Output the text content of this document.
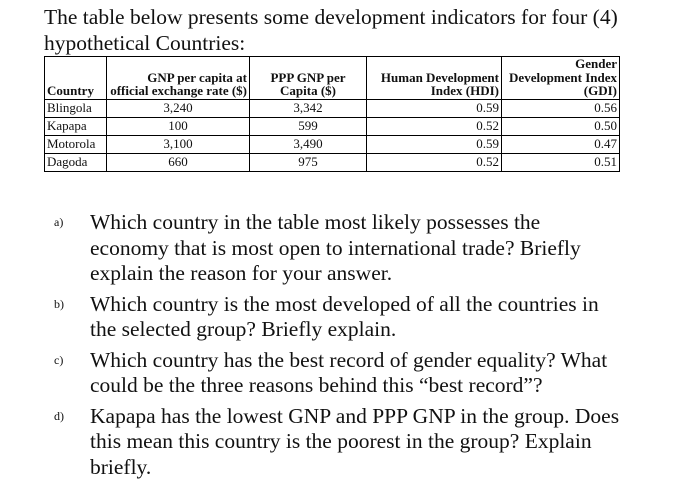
The table below presents some development indicators for four (4) hypothetical Countries:

Country	GNP per capita at official exchange rate ($)	PPP GNP per Capita ($)	Human Development Index (HDI)	Gender Development Index (GDI)
Blingola	3,240	3,342	0.59	0.56
Kapapa	100	599	0.52	0.50
Motorola	3,100	3,490	0.59	0.47
Dagoda	660	975	0.52	0.51
a) Which country in the table most likely possesses the economy that is most open to international trade? Briefly explain the reason for your answer.
b) Which country is the most developed of all the countries in the selected group? Briefly explain.
c) Which country has the best record of gender equality? What could be the three reasons behind this “best record”?
d) Kapapa has the lowest GNP and PPP GNP in the group. Does this mean this country is the poorest in the group? Explain briefly.
